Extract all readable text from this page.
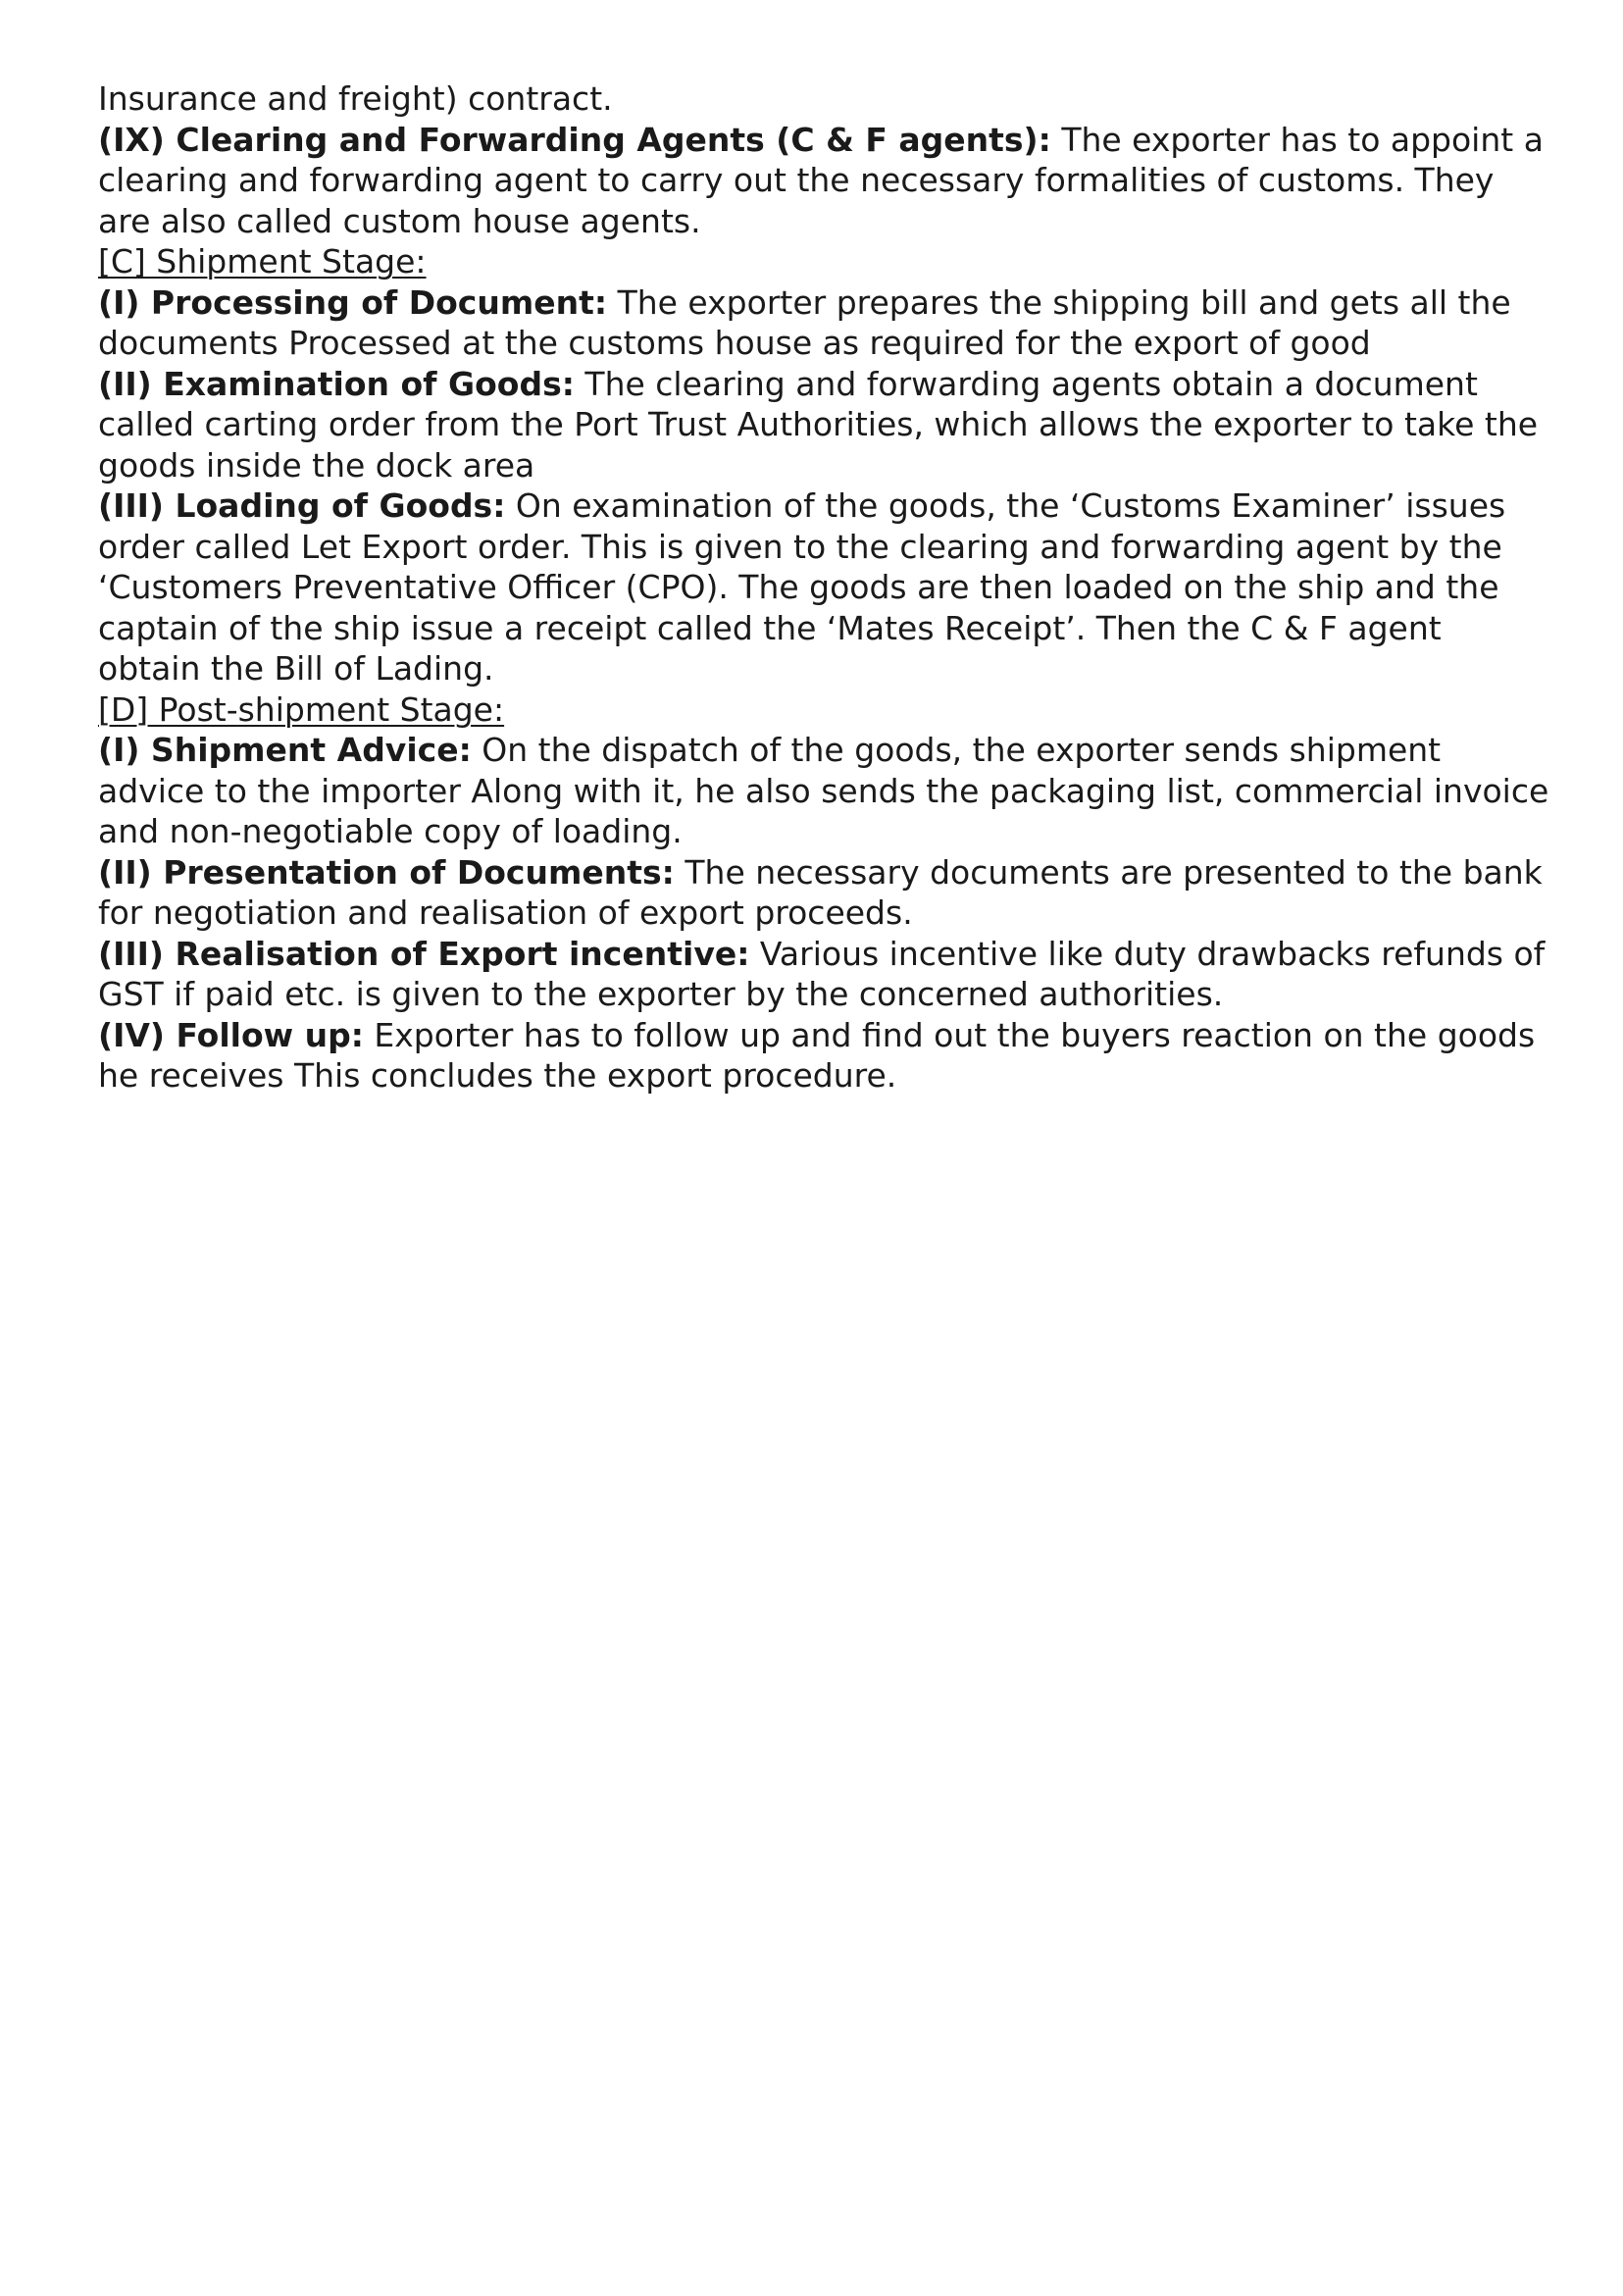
Insurance and freight) contract.

(IX) Clearing and Forwarding Agents (C & F agents): The exporter has to appoint a clearing and forwarding agent to carry out the necessary formalities of customs. They are also called custom house agents.

[C] Shipment Stage:

(I) Processing of Document: The exporter prepares the shipping bill and gets all the documents Processed at the customs house as required for the export of good

(II) Examination of Goods: The clearing and forwarding agents obtain a document called carting order from the Port Trust Authorities, which allows the exporter to take the goods inside the dock area

(III) Loading of Goods: On examination of the goods, the ‘Customs Examiner’ issues order called Let Export order. This is given to the clearing and forwarding agent by the ‘Customers Preventative Officer (CPO). The goods are then loaded on the ship and the captain of the ship issue a receipt called the ‘Mates Receipt’. Then the C & F agent obtain the Bill of Lading.

[D] Post-shipment Stage:

(I) Shipment Advice: On the dispatch of the goods, the exporter sends shipment advice to the importer Along with it, he also sends the packaging list, commercial invoice and non-negotiable copy of loading.

(II) Presentation of Documents: The necessary documents are presented to the bank for negotiation and realisation of export proceeds.

(III) Realisation of Export incentive: Various incentive like duty drawbacks refunds of GST if paid etc. is given to the exporter by the concerned authorities.

(IV) Follow up: Exporter has to follow up and find out the buyers reaction on the goods he receives This concludes the export procedure.
